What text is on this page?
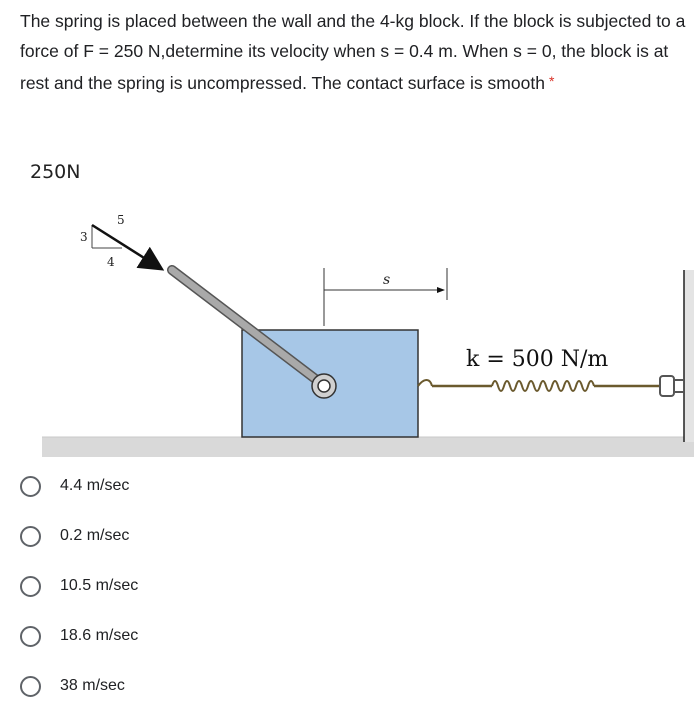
The spring is placed between the wall and the 4-kg block. If the block is subjected to a force of F = 250 N,determine its velocity when s = 0.4 m. When s = 0, the block is at rest and the spring is uncompressed. The contact surface is smooth *
250N
3
5
4
s
k = 500 N/m
4.4 m/sec
0.2 m/sec
10.5 m/sec
18.6 m/sec
38 m/sec
